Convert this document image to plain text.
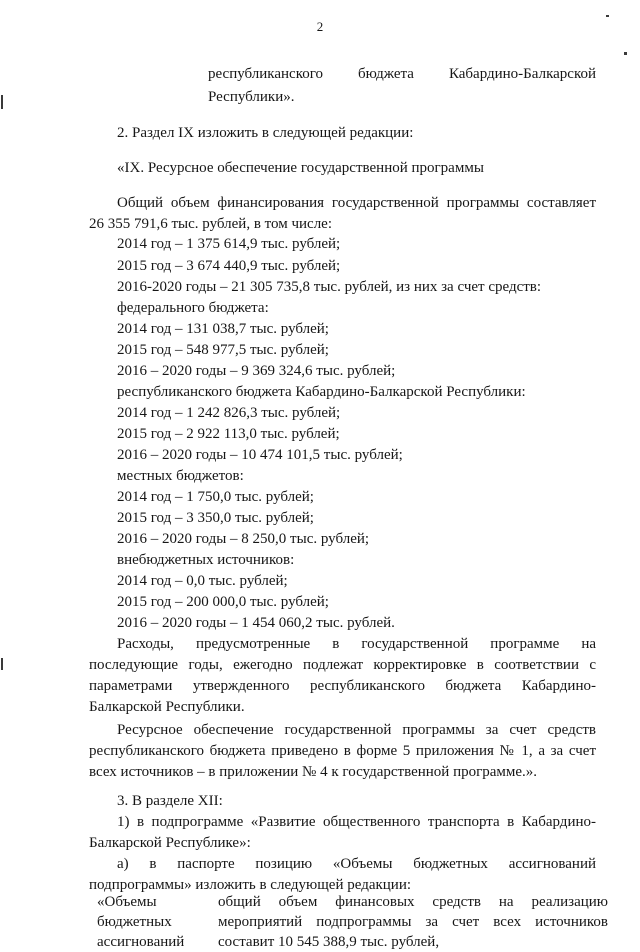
2
республиканского бюджета Кабардино-Балкарской
Республики».
2. Раздел IX изложить в следующей редакции:
«IX. Ресурсное обеспечение государственной программы
Общий объем финансирования государственной программы составляет
26 355 791,6 тыс. рублей, в том числе:
2014 год – 1 375 614,9 тыс. рублей;
2015 год – 3 674 440,9 тыс. рублей;
2016-2020 годы – 21 305 735,8 тыс. рублей, из них за счет средств:
федерального бюджета:
2014 год – 131 038,7 тыс. рублей;
2015 год – 548 977,5 тыс. рублей;
2016 – 2020 годы – 9 369 324,6 тыс. рублей;
республиканского бюджета Кабардино-Балкарской Республики:
2014 год – 1 242 826,3 тыс. рублей;
2015 год – 2 922 113,0 тыс. рублей;
2016 – 2020 годы – 10 474 101,5 тыс. рублей;
местных бюджетов:
2014 год – 1 750,0 тыс. рублей;
2015 год – 3 350,0 тыс. рублей;
2016 – 2020 годы – 8 250,0 тыс. рублей;
внебюджетных источников:
2014 год – 0,0 тыс. рублей;
2015 год – 200 000,0 тыс. рублей;
2016 – 2020 годы – 1 454 060,2 тыс. рублей.
Расходы, предусмотренные в государственной программе на
последующие годы, ежегодно подлежат корректировке в соответствии с
параметрами утвержденного республиканского бюджета Кабардино-
Балкарской Республики.
Ресурсное обеспечение государственной программы за счет средств
республиканского бюджета приведено в форме 5 приложения № 1, а за счет
всех источников – в приложении № 4 к государственной программе.».
3. В разделе XII:
1) в подпрограмме «Развитие общественного транспорта в Кабардино-
Балкарской Республике»:
а) в паспорте позицию «Объемы бюджетных ассигнований
подпрограммы» изложить в следующей редакции:
«Объемы
бюджетных
ассигнований
общий объем финансовых средств на реализацию
мероприятий подпрограммы за счет всех источников
составит 10 545 388,9 тыс. рублей,
